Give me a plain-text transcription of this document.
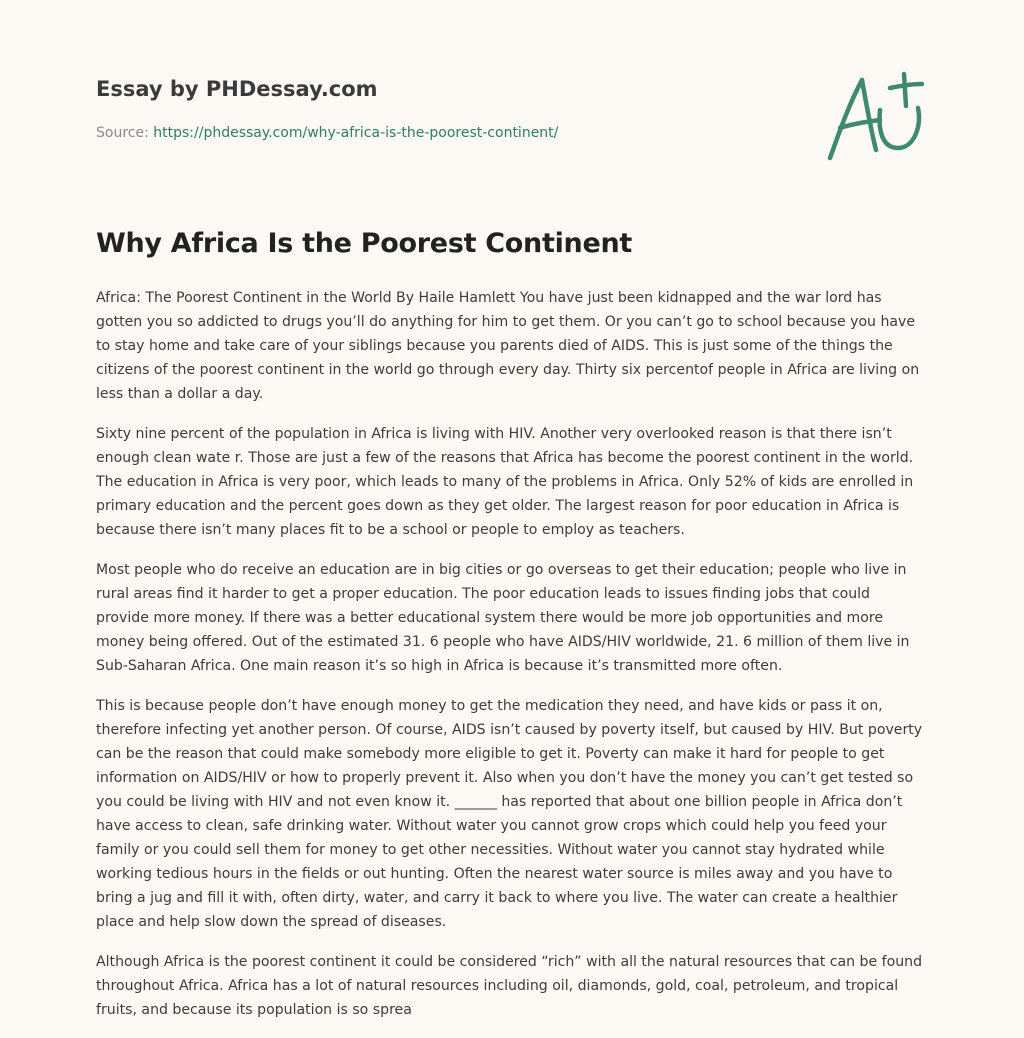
Essay by PHDessay.com
Source: https://phdessay.com/why-africa-is-the-poorest-continent/
Why Africa Is the Poorest Continent

Africa: The Poorest Continent in the World By Haile Hamlett You have just been kidnapped and the war lord has gotten you so addicted to drugs you’ll do anything for him to get them. Or you can’t go to school because you have to stay home and take care of your siblings because you parents died of AIDS. This is just some of the things the citizens of the poorest continent in the world go through every day. Thirty six percentof people in Africa are living on less than a dollar a day.

Sixty nine percent of the population in Africa is living with HIV. Another very overlooked reason is that there isn’t enough clean wate r. Those are just a few of the reasons that Africa has become the poorest continent in the world. The education in Africa is very poor, which leads to many of the problems in Africa. Only 52% of kids are enrolled in primary education and the percent goes down as they get older. The largest reason for poor education in Africa is because there isn’t many places fit to be a school or people to employ as teachers.

Most people who do receive an education are in big cities or go overseas to get their education; people who live in rural areas find it harder to get a proper education. The poor education leads to issues finding jobs that could provide more money. If there was a better educational system there would be more job opportunities and more money being offered. Out of the estimated 31. 6 people who have AIDS/HIV worldwide, 21. 6 million of them live in Sub-Saharan Africa. One main reason it’s so high in Africa is because it’s transmitted more often.

This is because people don’t have enough money to get the medication they need, and have kids or pass it on, therefore infecting yet another person. Of course, AIDS isn’t caused by poverty itself, but caused by HIV. But poverty can be the reason that could make somebody more eligible to get it. Poverty can make it hard for people to get information on AIDS/HIV or how to properly prevent it. Also when you don’t have the money you can’t get tested so you could be living with HIV and not even know it. ______ has reported that about one billion people in Africa don’t have access to clean, safe drinking water. Without water you cannot grow crops which could help you feed your family or you could sell them for money to get other necessities. Without water you cannot stay hydrated while working tedious hours in the fields or out hunting. Often the nearest water source is miles away and you have to bring a jug and fill it with, often dirty, water, and carry it back to where you live. The water can create a healthier place and help slow down the spread of diseases.

Although Africa is the poorest continent it could be considered “rich” with all the natural resources that can be found throughout Africa. Africa has a lot of natural resources including oil, diamonds, gold, coal, petroleum, and tropical fruits, and because its population is so sprea
